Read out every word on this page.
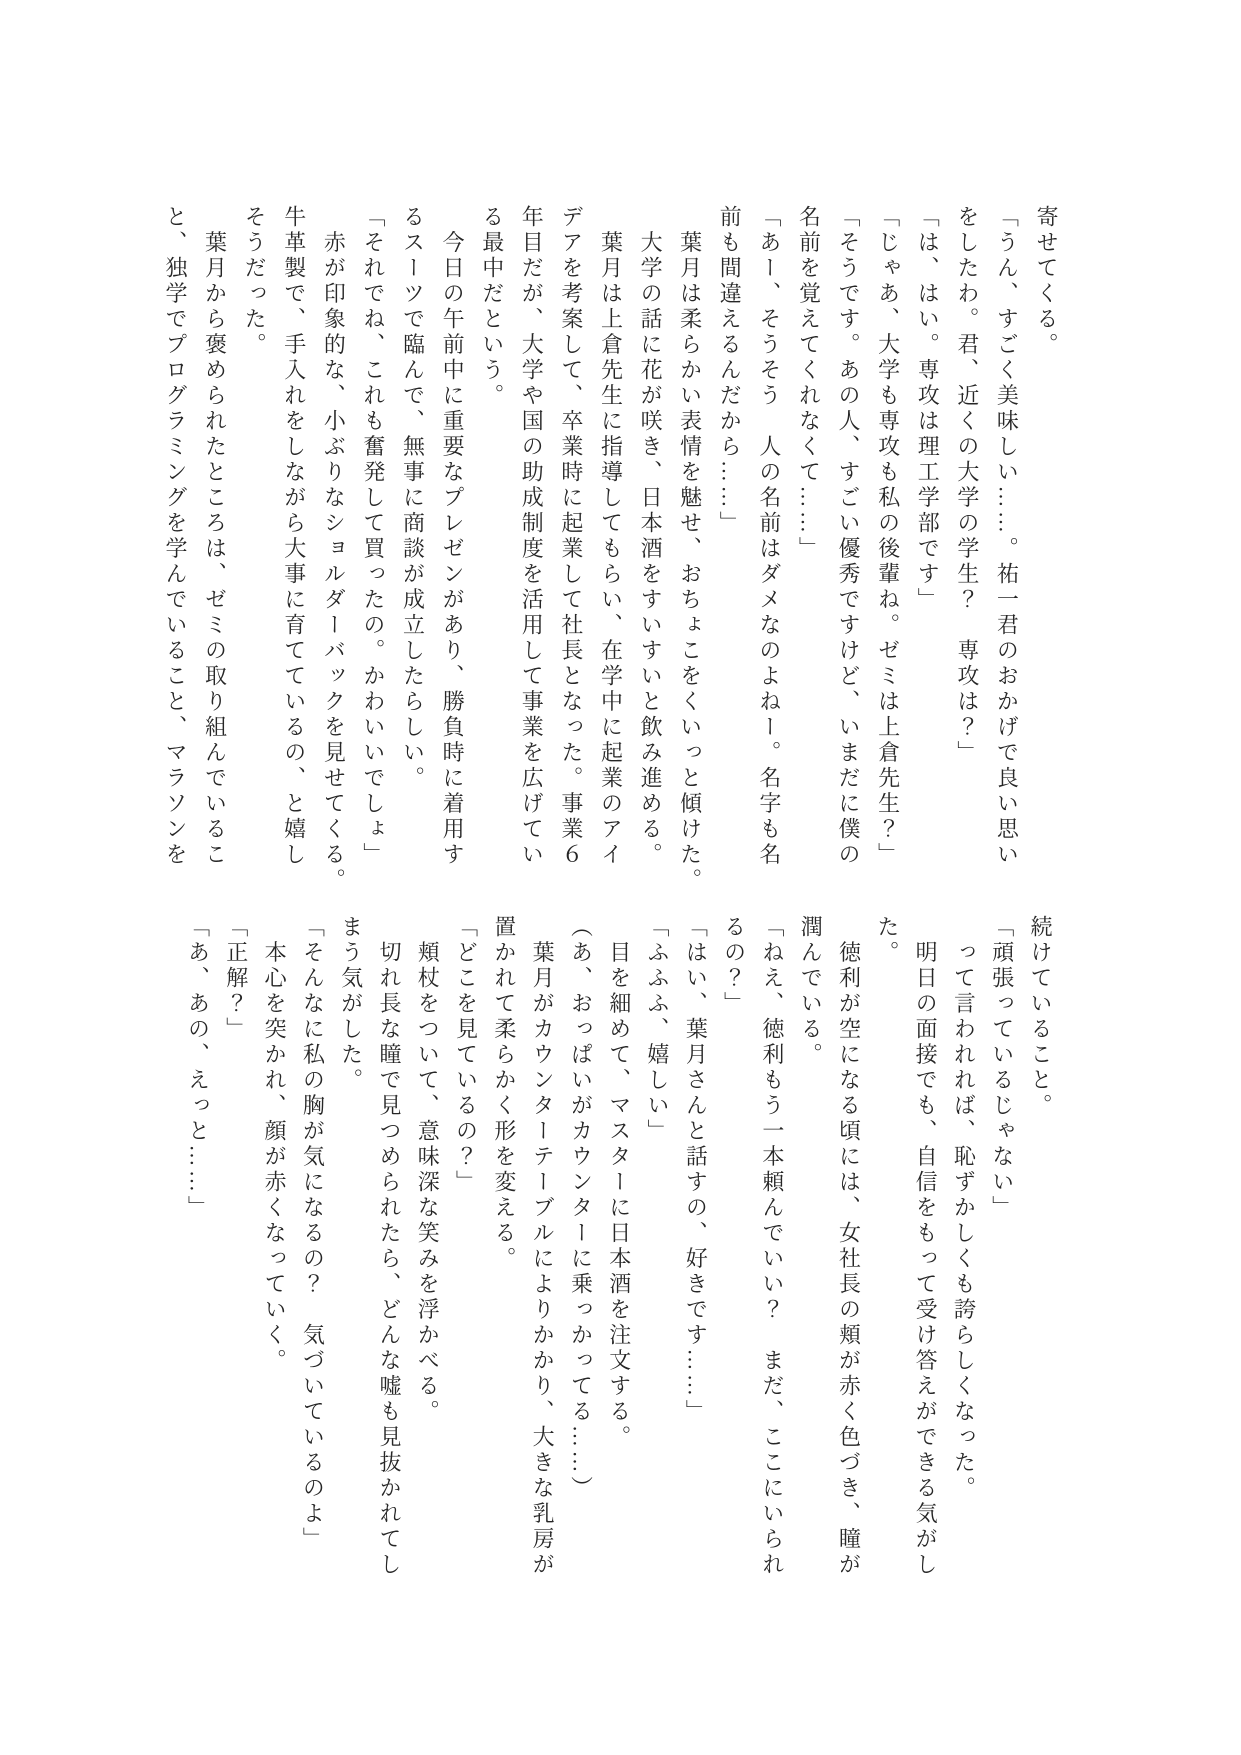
寄せてくる。

「うん、すごく美味しい……。祐一君のおかげで良い思い

をしたわ。君、近くの大学の学生？　専攻は？」

「は、はい。専攻は理工学部です」

「じゃあ、大学も専攻も私の後輩ね。ゼミは上倉先生？」

「そうです。あの人、すごい優秀ですけど、いまだに僕の

名前を覚えてくれなくて……」

「あー、そうそう　人の名前はダメなのよねー。名字も名

前も間違えるんだから……」

　葉月は柔らかい表情を魅せ、おちょこをくいっと傾けた。

　大学の話に花が咲き、日本酒をすいすいと飲み進める。

　葉月は上倉先生に指導してもらい、在学中に起業のアイ

デアを考案して、卒業時に起業して社長となった。事業６

年目だが、大学や国の助成制度を活用して事業を広げてい

る最中だという。

　今日の午前中に重要なプレゼンがあり、勝負時に着用す

るスーツで臨んで、無事に商談が成立したらしい。

「それでね、これも奮発して買ったの。かわいいでしょ」

　赤が印象的な、小ぶりなショルダーバックを見せてくる。

牛革製で、手入れをしながら大事に育てているの、と嬉し

そうだった。

　葉月から褒められたところは、ゼミの取り組んでいるこ

と、独学でプログラミングを学んでいること、マラソンを

続けていること。

「頑張っているじゃない」

　って言われれば、恥ずかしくも誇らしくなった。

　明日の面接でも、自信をもって受け答えができる気がし

た。

　徳利が空になる頃には、女社長の頬が赤く色づき、瞳が

潤んでいる。

「ねえ、徳利もう一本頼んでいい？　まだ、ここにいられ

るの？」

「はい、葉月さんと話すの、好きです……」

「ふふふ、嬉しい」

　目を細めて、マスターに日本酒を注文する。

（あ、おっぱいがカウンターに乗っかってる……）

　葉月がカウンターテーブルによりかかり、大きな乳房が

置かれて柔らかく形を変える。

「どこを見ているの？」

　頬杖をついて、意味深な笑みを浮かべる。

　切れ長な瞳で見つめられたら、どんな嘘も見抜かれてし

まう気がした。

「そんなに私の胸が気になるの？　気づいているのよ」

　本心を突かれ、顔が赤くなっていく。

「正解？」

「あ、あの、えっと……」
